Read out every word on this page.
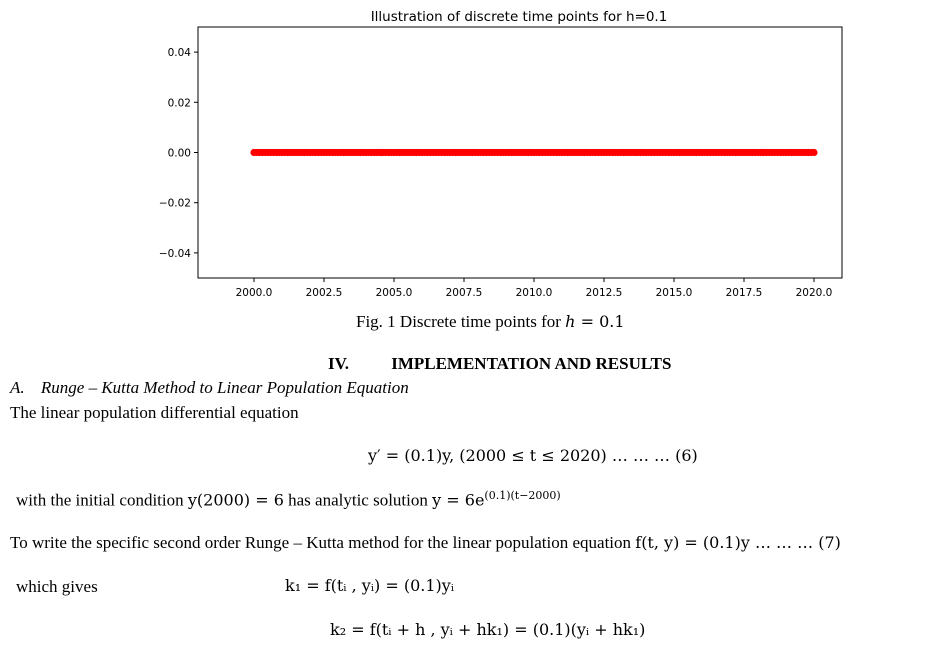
Illustration of discrete time points for h=0.1
0.04
0.02
0.00
−0.02
−0.04
2000.0	2002.5	2005.0	2007.5	2010.0	2012.5	2015.0	2017.5	2020.0
Fig. 1 Discrete time points for h = 0.1
IV. IMPLEMENTATION AND RESULTS
A. Runge – Kutta Method to Linear Population Equation
The linear population differential equation
y′ = (0.1)y, (2000 ≤ t ≤ 2020) … … … (6)
with the initial condition y(2000) = 6 has analytic solution $y = 6e^{(0.1)(t-2000)}$
To write the specific second order Runge – Kutta method for the linear population equation f(t, y) = (0.1)y … … … (7)
which gives	k₁ = f(tᵢ , yᵢ) = (0.1)yᵢ
k₂ = f(tᵢ + h , yᵢ + hk₁) = (0.1)(yᵢ + hk₁)
